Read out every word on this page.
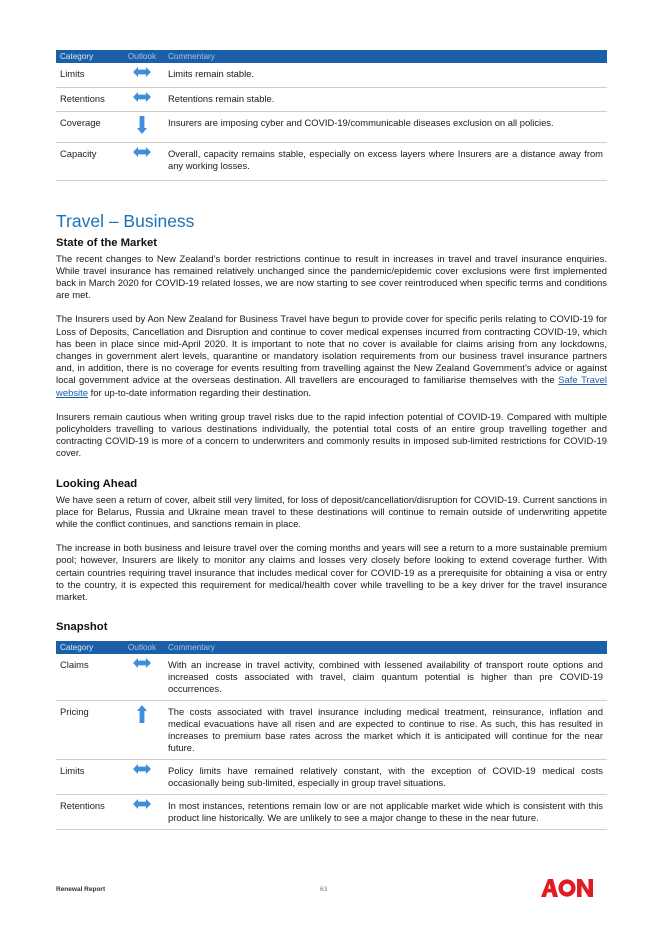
Category	Outlook	Commentary
Limits		Limits remain stable.
Retentions		Retentions remain stable.
Coverage		Insurers are imposing cyber and COVID-19/communicable diseases exclusion on all policies.
Capacity		Overall, capacity remains stable, especially on excess layers where Insurers are a distance away from any working losses.
Travel – Business
State of the Market

The recent changes to New Zealand’s border restrictions continue to result in increases in travel and travel insurance enquiries. While travel insurance has remained relatively unchanged since the pandemic/epidemic cover exclusions were first implemented back in March 2020 for COVID-19 related losses, we are now starting to see cover reintroduced when specific terms and conditions are met.

The Insurers used by Aon New Zealand for Business Travel have begun to provide cover for specific perils relating to COVID-19 for Loss of Deposits, Cancellation and Disruption and continue to cover medical expenses incurred from contracting COVID-19, which has been in place since mid-April 2020. It is important to note that no cover is available for claims arising from any lockdowns, changes in government alert levels, quarantine or mandatory isolation requirements from our business travel insurance partners and, in addition, there is no coverage for events resulting from travelling against the New Zealand Government’s advice or against local government advice at the overseas destination. All travellers are encouraged to familiarise themselves with the Safe Travel website for up-to-date information regarding their destination.

Insurers remain cautious when writing group travel risks due to the rapid infection potential of COVID-19. Compared with multiple policyholders travelling to various destinations individually, the potential total costs of an entire group travelling together and contracting COVID-19 is more of a concern to underwriters and commonly results in imposed sub-limited restrictions for COVID-19 cover.

Looking Ahead

We have seen a return of cover, albeit still very limited, for loss of deposit/cancellation/disruption for COVID-19. Current sanctions in place for Belarus, Russia and Ukraine mean travel to these destinations will continue to remain outside of underwriting appetite while the conflict continues, and sanctions remain in place.

The increase in both business and leisure travel over the coming months and years will see a return to a more sustainable premium pool; however, Insurers are likely to monitor any claims and losses very closely before looking to extend coverage further. With certain countries requiring travel insurance that includes medical cover for COVID-19 as a prerequisite for obtaining a visa or entry to the country, it is expected this requirement for medical/health cover while travelling to be a key driver for the travel insurance market.

Snapshot
Category	Outlook	Commentary
Claims		With an increase in travel activity, combined with lessened availability of transport route options and increased costs associated with travel, claim quantum potential is higher than pre COVID-19 occurrences.
Pricing		The costs associated with travel insurance including medical treatment, reinsurance, inflation and medical evacuations have all risen and are expected to continue to rise. As such, this has resulted in increases to premium base rates across the market which it is anticipated will continue for the near future.
Limits		Policy limits have remained relatively constant, with the exception of COVID-19 medical costs occasionally being sub-limited, especially in group travel situations.
Retentions		In most instances, retentions remain low or are not applicable market wide which is consistent with this product line historically. We are unlikely to see a major change to these in the near future.
Renewal Report	63
